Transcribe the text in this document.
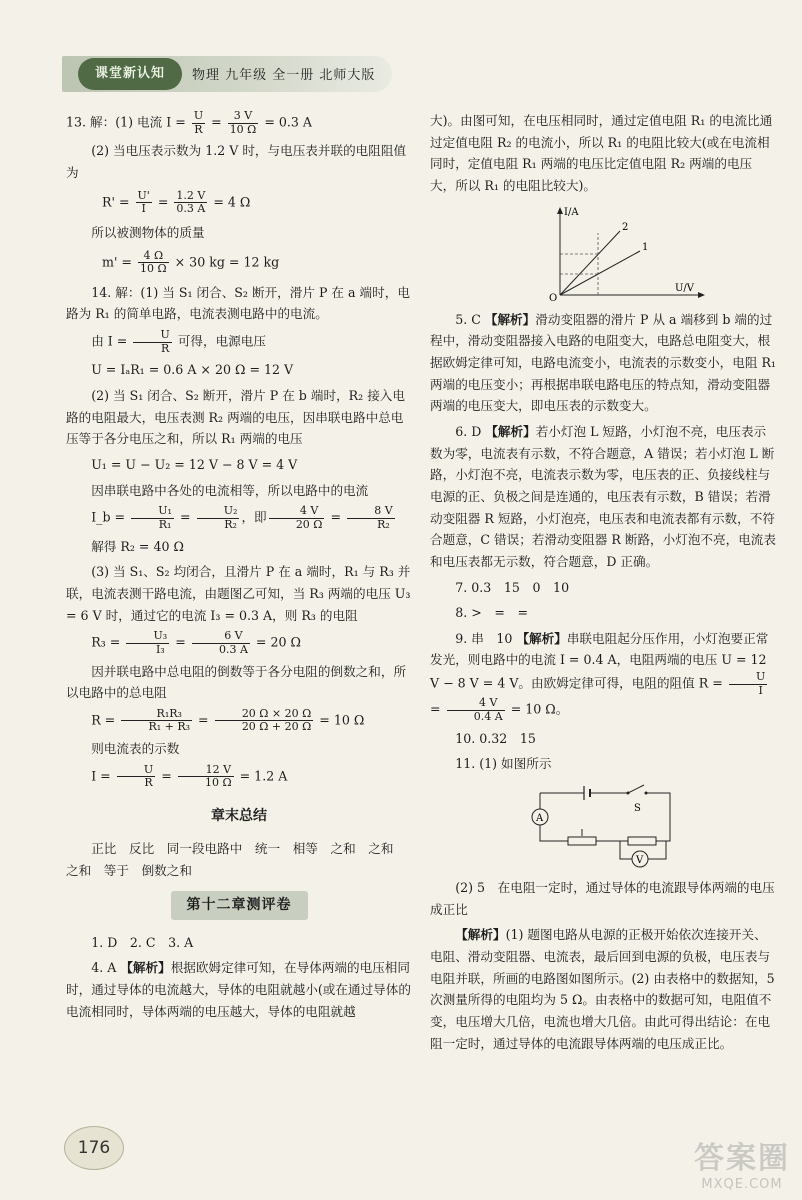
课堂新认知	物理 九年级 全一册 北师大版

13. 解：(1) 电流 $I = \frac{U}{R} = \frac{3 V}{10 \Omega} = 0.3$ A

(2) 当电压表示数为 1.2 V 时，与电压表并联的电阻阻值为

$R' = \frac{U'}{I} = \frac{1.2 V}{0.3 A} = 4$ Ω

所以被测物体的质量

$m' = \frac{4 \Omega}{10 \Omega} \times 30$ kg = 12 kg

14. 解：(1) 当 S₁ 闭合、S₂ 断开，滑片 P 在 a 端时，电路为 R₁ 的简单电路，电流表测电路中的电流。

由 $I = \frac{U}{R}$ 可得，电源电压

U = IₐR₁ = 0.6 A × 20 Ω = 12 V

(2) 当 S₁ 闭合、S₂ 断开，滑片 P 在 b 端时，R₂ 接入电路的电阻最大，电压表测 R₂ 两端的电压，因串联电路中总电压等于各分电压之和，所以 R₁ 两端的电压

U₁ = U − U₂ = 12 V − 8 V = 4 V

因串联电路中各处的电流相等，所以电路中的电流

I_b = $\frac{\text{U₁}}{\text{R₁}} = \frac{\text{U₂}}{\text{R₂}}$ ，即 $\frac{4 V}{20 \Omega} = \frac{8 V}{\text{R₂}}$

解得 R₂ = 40 Ω

(3) 当 S₁、S₂ 均闭合，且滑片 P 在 a 端时，R₁ 与 R₃ 并联，电流表测干路电流，由题图乙可知，当 R₃ 两端的电压 U₃ = 6 V 时，通过它的电流 I₃ = 0.3 A，则 R₃ 的电阻

$R_3 = \frac{\text{U₃}}{\text{I₃}} = \frac{6 V}{0.3 A} = 20$ Ω

因并联电路中总电阻的倒数等于各分电阻的倒数之和，所以电路中的总电阻

$R = \frac{\text{R₁R₃}}{\text{R₁ + R₃}} = \frac{20 \Omega \times 20 \Omega}{20 \Omega + 20 \Omega} = 10$ Ω

则电流表的示数

$I = \frac{U}{R} = \frac{12 V}{10 \Omega} = 1.2$ A

章末总结

正比　反比　同一段电路中　统一　相等　之和　之和　之和　等于　倒数之和

第十二章测评卷

1. D　2. C　3. A

4. A 【解析】根据欧姆定律可知，在导体两端的电压相同时，通过导体的电流越大，导体的电阻就越小(或在通过导体的电流相同时，导体两端的电压越大，导体的电阻就越

大)。由图可知，在电压相同时，通过定值电阻 R₁ 的电流比通过定值电阻 R₂ 的电流小，所以 R₁ 的电阻比较大(或在电流相同时，定值电阻 R₁ 两端的电压比定值电阻 R₂ 两端的电压大，所以 R₁ 的电阻比较大)。

I/A
U/V
O
2
1

5. C 【解析】滑动变阻器的滑片 P 从 a 端移到 b 端的过程中，滑动变阻器接入电路的电阻变大，电路总电阻变大，根据欧姆定律可知，电路电流变小，电流表的示数变小，电阻 R₁ 两端的电压变小；再根据串联电路电压的特点知，滑动变阻器两端的电压变大，即电压表的示数变大。

6. D 【解析】若小灯泡 L 短路，小灯泡不亮，电压表示数为零，电流表有示数，不符合题意，A 错误；若小灯泡 L 断路，小灯泡不亮，电流表示数为零，电压表的正、负接线柱与电源的正、负极之间是连通的，电压表有示数，B 错误；若滑动变阻器 R 短路，小灯泡亮，电压表和电流表都有示数，不符合题意，C 错误；若滑动变阻器 R 断路，小灯泡不亮，电流表和电压表都无示数，符合题意，D 正确。

7. 0.3　15　0　10

8. >　=　=

9. 串　10 【解析】串联电阻起分压作用，小灯泡要正常发光，则电路中的电流 I = 0.4 A，电阻两端的电压 U = 12 V − 8 V = 4 V。由欧姆定律可得，电阻的阻值 $R = \frac{U}{I}$
= $\frac{4 V}{0.4 A} = 10$ Ω。

10. 0.32　15

11. (1) 如图所示

S
A
V

(2) 5　在电阻一定时，通过导体的电流跟导体两端的电压成正比

【解析】(1) 题图电路从电源的正极开始依次连接开关、电阻、滑动变阻器、电流表，最后回到电源的负极，电压表与电阻并联，所画的电路图如图所示。(2) 由表格中的数据知，5 次测量所得的电阻均为 5 Ω。由表格中的数据可知，电阻值不变，电压增大几倍，电流也增大几倍。由此可得出结论：在电阻一定时，通过导体的电流跟导体两端的电压成正比。

176	答案圈
MXQE.COM
